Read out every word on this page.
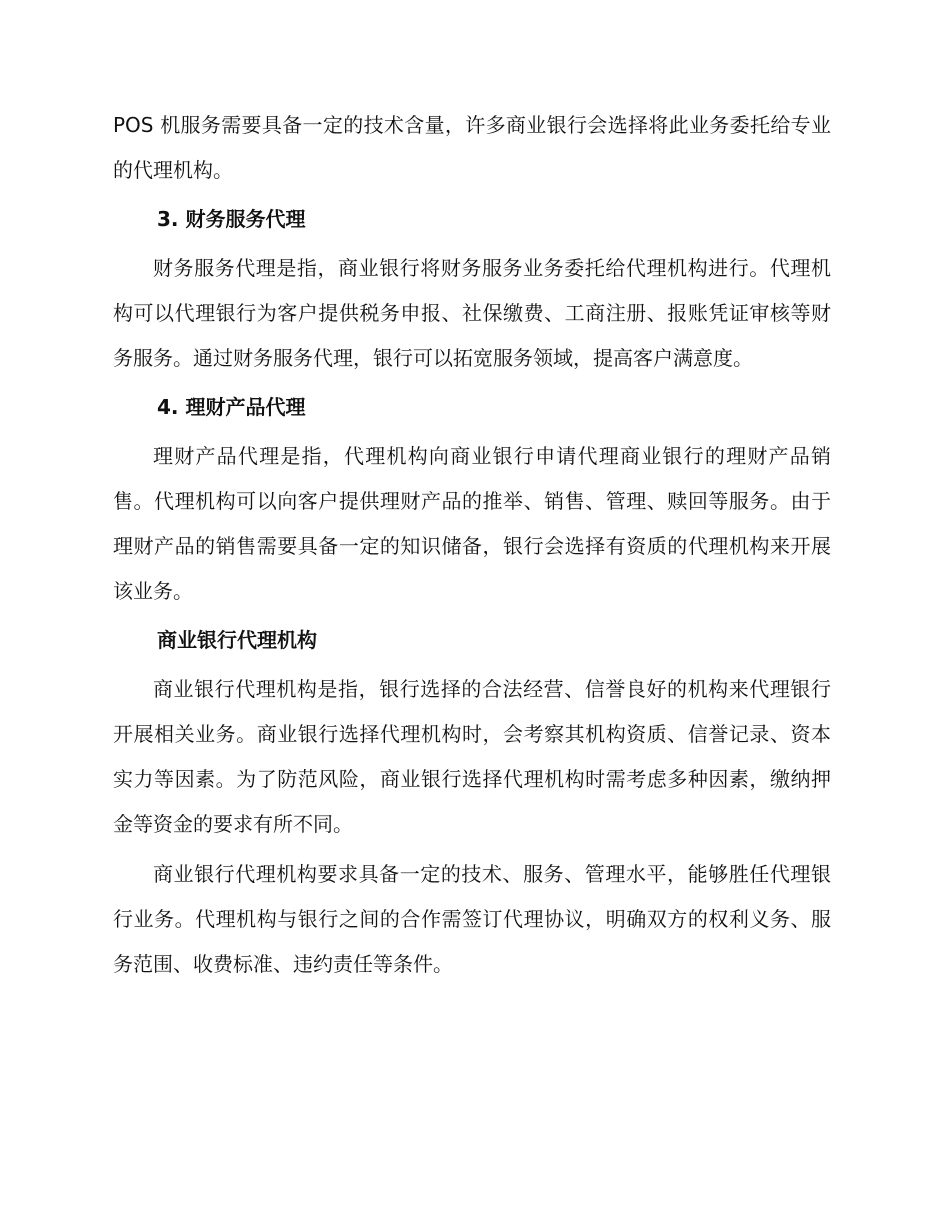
POS 机服务需要具备一定的技术含量，许多商业银行会选择将此业务委托给专业的代理机构。

3. 财务服务代理

财务服务代理是指，商业银行将财务服务业务委托给代理机构进行。代理机构可以代理银行为客户提供税务申报、社保缴费、工商注册、报账凭证审核等财务服务。通过财务服务代理，银行可以拓宽服务领域，提高客户满意度。

4. 理财产品代理

理财产品代理是指，代理机构向商业银行申请代理商业银行的理财产品销售。代理机构可以向客户提供理财产品的推举、销售、管理、赎回等服务。由于理财产品的销售需要具备一定的知识储备，银行会选择有资质的代理机构来开展该业务。

商业银行代理机构

商业银行代理机构是指，银行选择的合法经营、信誉良好的机构来代理银行开展相关业务。商业银行选择代理机构时，会考察其机构资质、信誉记录、资本实力等因素。为了防范风险，商业银行选择代理机构时需考虑多种因素，缴纳押金等资金的要求有所不同。

商业银行代理机构要求具备一定的技术、服务、管理水平，能够胜任代理银行业务。代理机构与银行之间的合作需签订代理协议，明确双方的权利义务、服务范围、收费标准、违约责任等条件。
